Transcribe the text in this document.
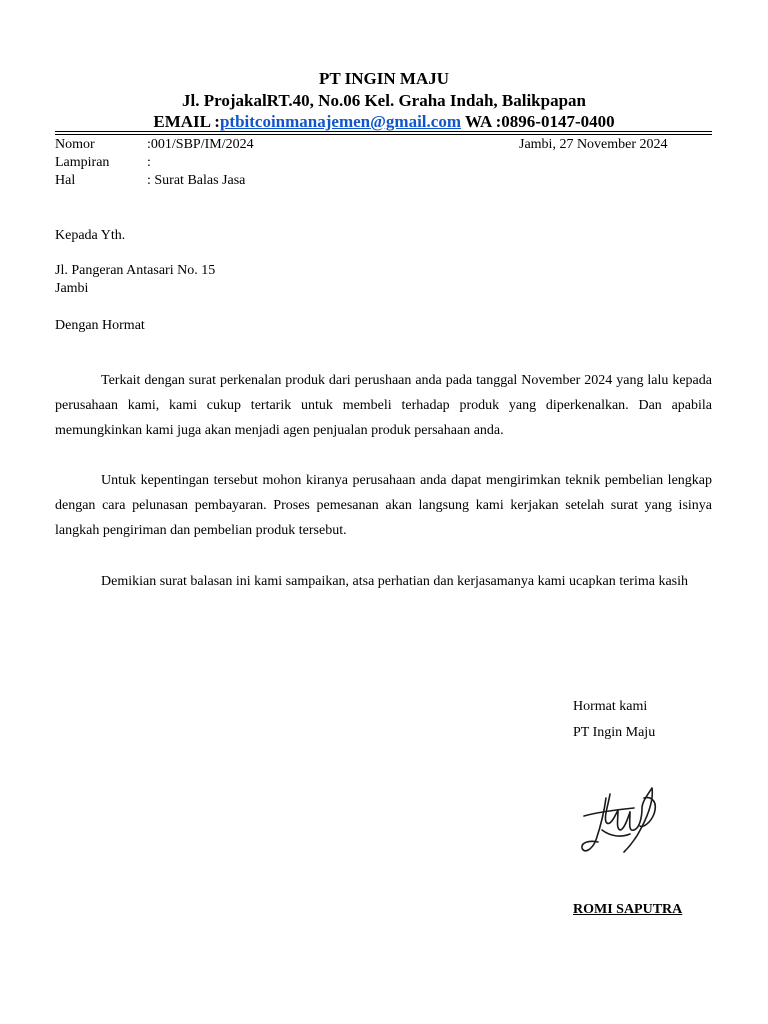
PT INGIN MAJU
Jl. ProjakalRT.40, No.06 Kel. Graha Indah, Balikpapan
EMAIL :ptbitcoinmanajemen@gmail.com WA :0896-0147-0400
Nomor	:001/SBP/IM/2024
Lampiran	:
Hal	: Surat Balas Jasa
Jambi, 27 November 2024
Kepada Yth.
Jl. Pangeran Antasari No. 15
Jambi
Dengan Hormat

Terkait dengan surat perkenalan produk dari perushaan anda pada tanggal November 2024 yang lalu kepada perusahaan kami, kami cukup tertarik untuk membeli terhadap produk yang diperkenalkan. Dan apabila memungkinkan kami juga akan menjadi agen penjualan produk persahaan anda.

Untuk kepentingan tersebut mohon kiranya perusahaan anda dapat mengirimkan teknik pembelian lengkap dengan cara pelunasan pembayaran. Proses pemesanan akan langsung kami kerjakan setelah surat yang isinya langkah pengiriman dan pembelian produk tersebut.

Demikian surat balasan ini kami sampaikan, atsa perhatian dan kerjasamanya kami ucapkan terima kasih

Hormat kami
PT Ingin Maju
ROMI SAPUTRA
